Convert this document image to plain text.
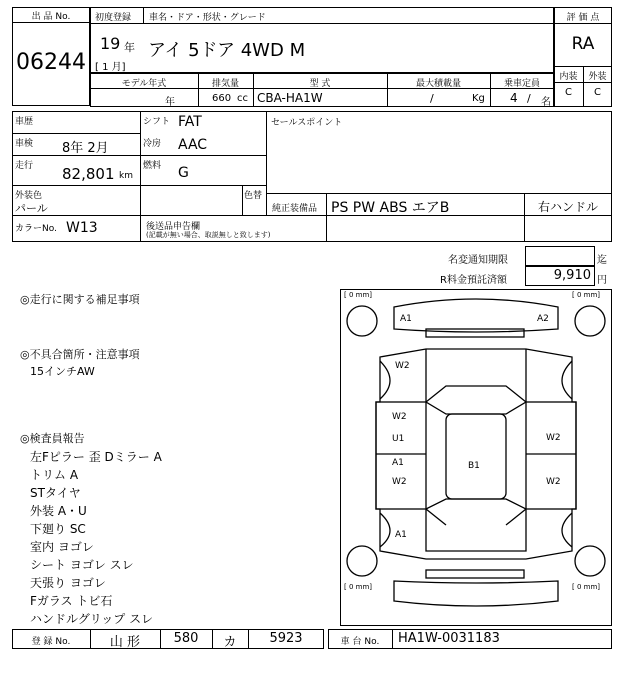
出 品 No.
06244
初度登録 車名・ドア・形状・グレード
19 年
[ 1 月]
アイ 5ドア 4WD M
評 価 点
RA
内装	外装
C	C
モデル年式	排気量	型 式	最大積載量	乗車定員
年	660 cc CBA-HA1W	/	Kg 4 / 名
車歴	シフト FAT	セールスポイント
車検 8年 2月	冷房 AAC
走行 82,801 km
燃料 G
外装色	色替
パール	純正装備品 PS PW ABS エアB	右ハンドル
カラーNo. W13	後送品申告欄
(記載が無い場合、取説無しと致します)
名変通知期限	迄
R料金預託済額	9,910 円
◎走行に関する補足事項
◎不具合箇所・注意事項
15インチAW
◎検査員報告
左Fピラー 歪 Dミラー A
トリム A
STタイヤ
外装 A・U
下廻り SC
室内 ヨゴレ
シート ヨゴレ スレ
天張り ヨゴレ
Fガラス トビ石
ハンドルグリップ スレ
[ 0 mm]	[ 0 mm]
[ 0 mm]	[ 0 mm]
A1	A2
W2
W2
U1	W2
A1
W2
B1
W2
A1
登 録 No.	山 形	580	カ	5923	車 台 No.	HA1W-0031183
